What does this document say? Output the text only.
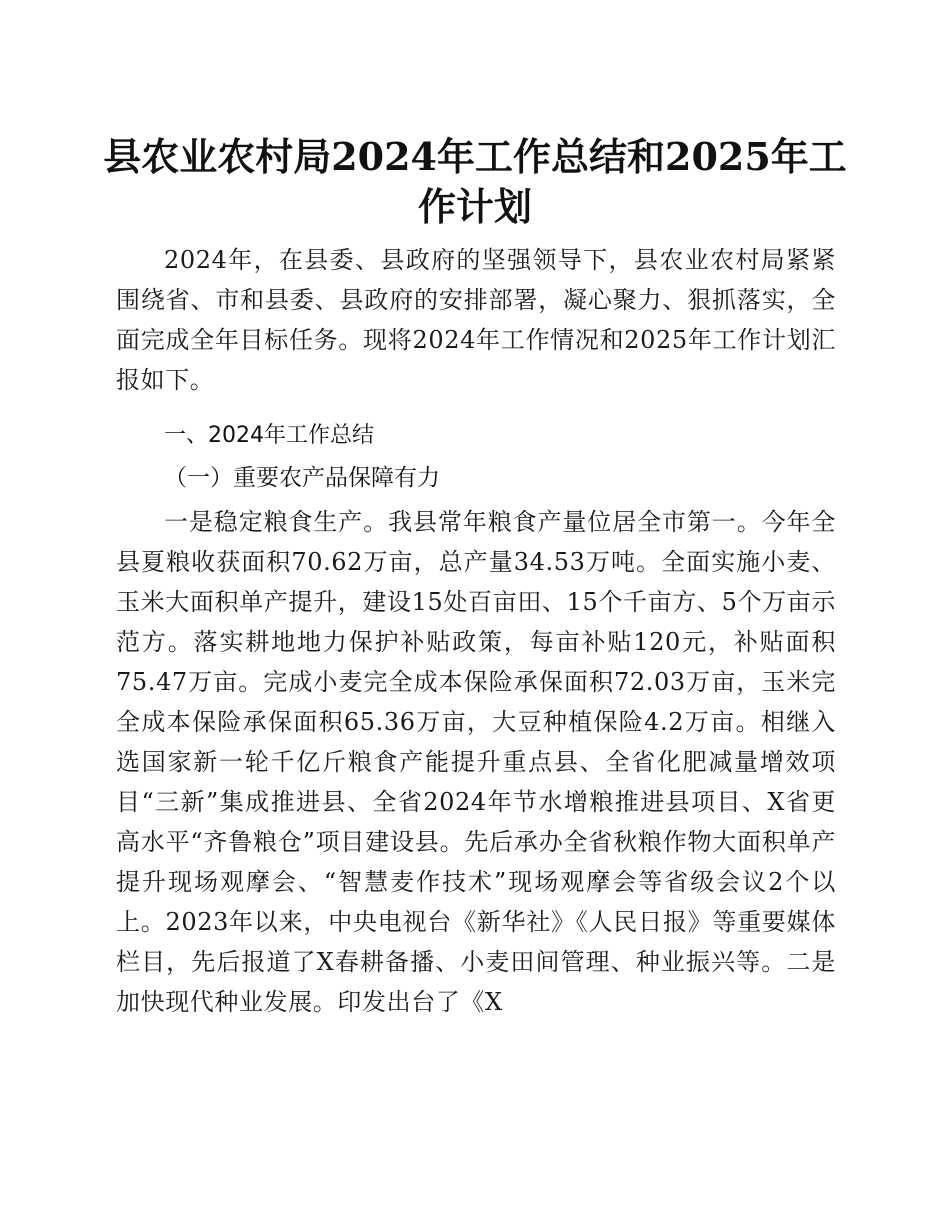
县农业农村局2024年工作总结和2025年工作计划

2024年，在县委、县政府的坚强领导下，县农业农村局紧紧围绕省、市和县委、县政府的安排部署，凝心聚力、狠抓落实，全面完成全年目标任务。现将2024年工作情况和2025年工作计划汇报如下。

一、2024年工作总结

（一）重要农产品保障有力

一是稳定粮食生产。我县常年粮食产量位居全市第一。今年全县夏粮收获面积70.62万亩，总产量34.53万吨。全面实施小麦、玉米大面积单产提升，建设15处百亩田、15个千亩方、5个万亩示范方。落实耕地地力保护补贴政策，每亩补贴120元，补贴面积75.47万亩。完成小麦完全成本保险承保面积72.03万亩，玉米完全成本保险承保面积65.36万亩，大豆种植保险4.2万亩。相继入选国家新一轮千亿斤粮食产能提升重点县、全省化肥减量增效项目“三新”集成推进县、全省2024年节水增粮推进县项目、X省更高水平“齐鲁粮仓”项目建设县。先后承办全省秋粮作物大面积单产提升现场观摩会、“智慧麦作技术”现场观摩会等省级会议2个以上。2023年以来，中央电视台《新华社》《人民日报》等重要媒体栏目，先后报道了X春耕备播、小麦田间管理、种业振兴等。二是加快现代种业发展。印发出台了《X
